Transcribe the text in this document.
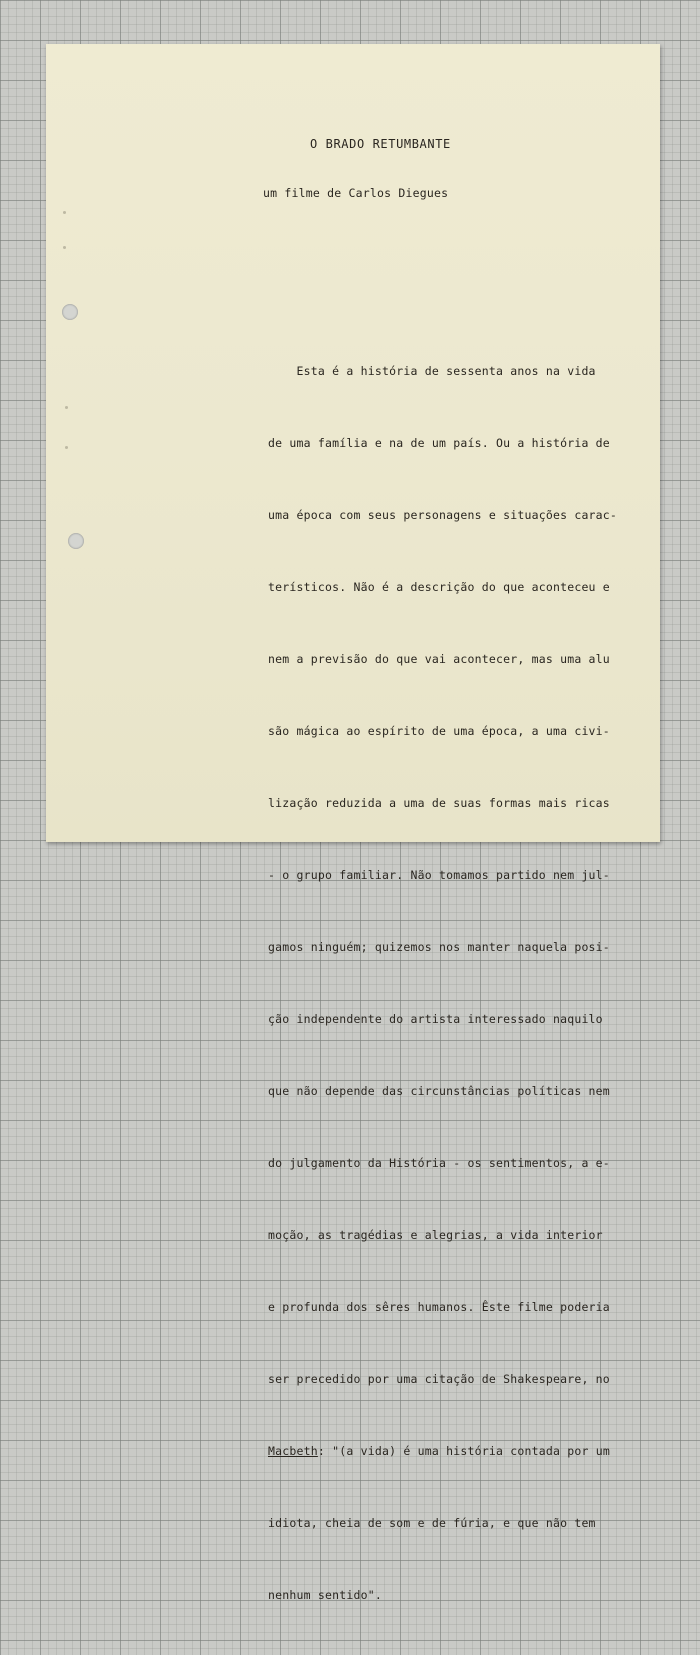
O BRADO RETUMBANTE
um filme de Carlos Diegues

Esta é a história de sessenta anos na vida

de uma família e na de um país. Ou a história de

uma época com seus personagens e situações carac-

terísticos. Não é a descrição do que aconteceu e

nem a previsão do que vai acontecer, mas uma alu

são mágica ao espírito de uma época, a uma civi-

lização reduzida a uma de suas formas mais ricas

- o grupo familiar. Não tomamos partido nem jul-

gamos ninguém; quizemos nos manter naquela posi-

ção independente do artista interessado naquilo

que não depende das circunstâncias políticas nem

do julgamento da História - os sentimentos, a e-

moção, as tragédias e alegrias, a vida interior

e profunda dos sêres humanos. Êste filme poderia

ser precedido por uma citação de Shakespeare, no

Macbeth: "(a vida) é uma história contada por um

idiota, cheia de som e de fúria, e que não tem

nenhum sentido".
